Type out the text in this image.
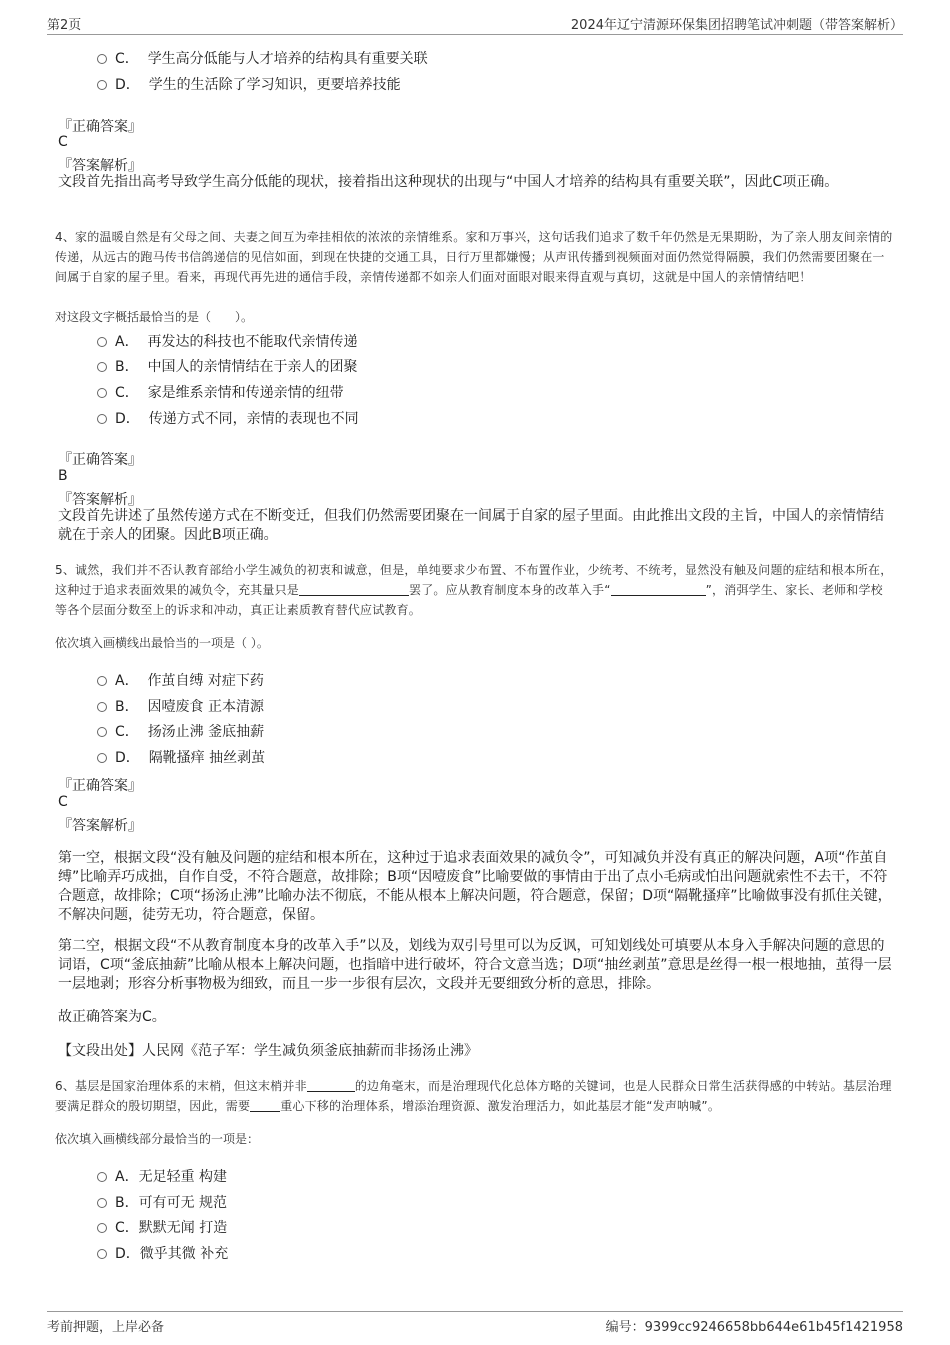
第2页	2024年辽宁清源环保集团招聘笔试冲刺题（带答案解析）
C． 学生高分低能与人才培养的结构具有重要关联
D． 学生的生活除了学习知识，更要培养技能
『正确答案』
C
『答案解析』
文段首先指出高考导致学生高分低能的现状，接着指出这种现状的出现与“中国人才培养的结构具有重要关联”，因此C项正确。
4、家的温暖自然是有父母之间、夫妻之间互为牵挂相依的浓浓的亲情维系。家和万事兴，这句话我们追求了数千年仍然是无果期盼，为了亲人朋友间亲情的传递，从远古的跑马传书信鸽递信的见信如面，到现在快捷的交通工具，日行万里都嫌慢；从声讯传播到视频面对面仍然觉得隔膜，我们仍然需要团聚在一间属于自家的屋子里。看来，再现代再先进的通信手段，亲情传递都不如亲人们面对面眼对眼来得直观与真切，这就是中国人的亲情情结吧！
对这段文字概括最恰当的是（　　）。
A． 再发达的科技也不能取代亲情传递
B． 中国人的亲情情结在于亲人的团聚
C． 家是维系亲情和传递亲情的纽带
D． 传递方式不同，亲情的表现也不同
『正确答案』
B
『答案解析』
文段首先讲述了虽然传递方式在不断变迁，但我们仍然需要团聚在一间属于自家的屋子里面。由此推出文段的主旨，中国人的亲情情结就在于亲人的团聚。因此B项正确。
5、诚然，我们并不否认教育部给小学生减负的初衷和诚意，但是，单纯要求少布置、不布置作业，少统考、不统考，显然没有触及问题的症结和根本所在，这种过于追求表面效果的减负令，充其量只是	罢了。应从教育制度本身的改革入手“	”，消弭学生、家长、老师和学校等各个层面分数至上的诉求和冲动，真正让素质教育替代应试教育。
依次填入画横线出最恰当的一项是（ ）。
A． 作茧自缚 对症下药
B． 因噎废食 正本清源
C． 扬汤止沸 釜底抽薪
D． 隔靴搔痒 抽丝剥茧
『正确答案』
C
『答案解析』
第一空，根据文段“没有触及问题的症结和根本所在，这种过于追求表面效果的减负令”，可知减负并没有真正的解决问题，A项“作茧自缚”比喻弄巧成拙，自作自受，不符合题意，故排除；B项“因噎废食”比喻要做的事情由于出了点小毛病或怕出问题就索性不去干，不符合题意，故排除；C项“扬汤止沸”比喻办法不彻底，不能从根本上解决问题，符合题意，保留；D项“隔靴搔痒”比喻做事没有抓住关键，不解决问题，徒劳无功，符合题意，保留。
第二空，根据文段“不从教育制度本身的改革入手”以及，划线为双引号里可以为反讽，可知划线处可填要从本身入手解决问题的意思的词语，C项“釜底抽薪”比喻从根本上解决问题，也指暗中进行破坏，符合文意当选；D项“抽丝剥茧”意思是丝得一根一根地抽，茧得一层一层地剥；形容分析事物极为细致，而且一步一步很有层次，文段并无要细致分析的意思，排除。
故正确答案为C。
【文段出处】人民网《范子军：学生减负须釜底抽薪而非扬汤止沸》
6、基层是国家治理体系的末梢，但这末梢并非	的边角毫末，而是治理现代化总体方略的关键词，也是人民群众日常生活获得感的中转站。基层治理要满足群众的殷切期望，因此，需要	重心下移的治理体系，增添治理资源、激发治理活力，如此基层才能“发声呐喊”。
依次填入画横线部分最恰当的一项是：
A．无足轻重 构建
B．可有可无 规范
C．默默无闻 打造
D．微乎其微 补充
考前押题，上岸必备	编号：9399cc9246658bb644e61b45f1421958
